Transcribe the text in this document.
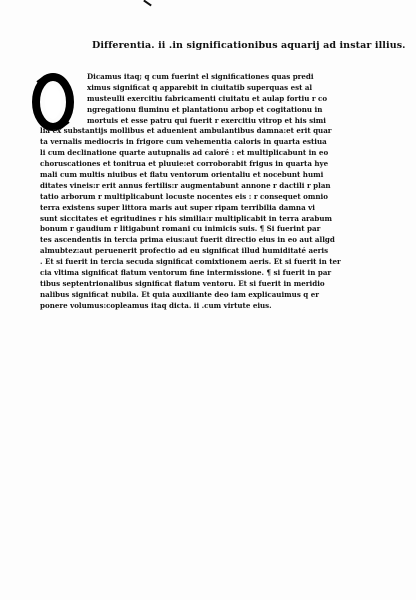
Differentia. ii .in significationibus aquarij ad instar illius.
Dicamus itaq; q cum fuerint el significationes quas predi
ximus significat q apparebit in ciuitatib superquas est al
musteulli exercitiu fabricamenti ciuitatu et aulap fortiu r co
ngregationu fluminu et plantationu arbop et cogitationu in
mortuis et esse patru qui fuerit r exercitiu vitrop et his simi
lia ex substantijs mollibus et aduenient ambulantibus damna:et erit quar
ta vernalis mediocris in frigore cum vehementia caloris in quarta estiua
li cum declinatione quarte autupnalis ad caloré : et multiplicabunt in eo
choruscationes et tonitrua et pluuie:et corroborabit frigus in quarta hye
mali cum multis niuibus et flatu ventorum orientaliu et nocebunt humi
ditates vineis:r erit annus fertilis:r augmentabunt annone r dactili r plan
tatio arborum r multiplicabunt locuste nocentes eis : r consequet omnio
terra existens super littora maris aut super ripam terribilia damna vi
sunt siccitates et egritudines r his similia:r multiplicabit in terra arabum
bonum r gaudium r litigabunt romani cu inimicis suis. ¶ Si fuerint par
tes ascendentis in tercia prima eius:aut fuerit directio eius in eo aut allgd
almubtez:aut peruenerit profectio ad eu significat illud humiditaté aeris
. Et si fuerit in tercia secuda significat comixtionem aeris. Et si fuerit in ter
cia vltima significat flatum ventorum fine intermissione. ¶ si fuerit in par
tibus septentrionalibus significat flatum ventoru. Et si fuerit in meridio
nalibus significat nubila. Et quia auxiliante deo iam explicauimus q er
ponere volumus:copleamus itaq dicta. ii .cum virtute eius.
